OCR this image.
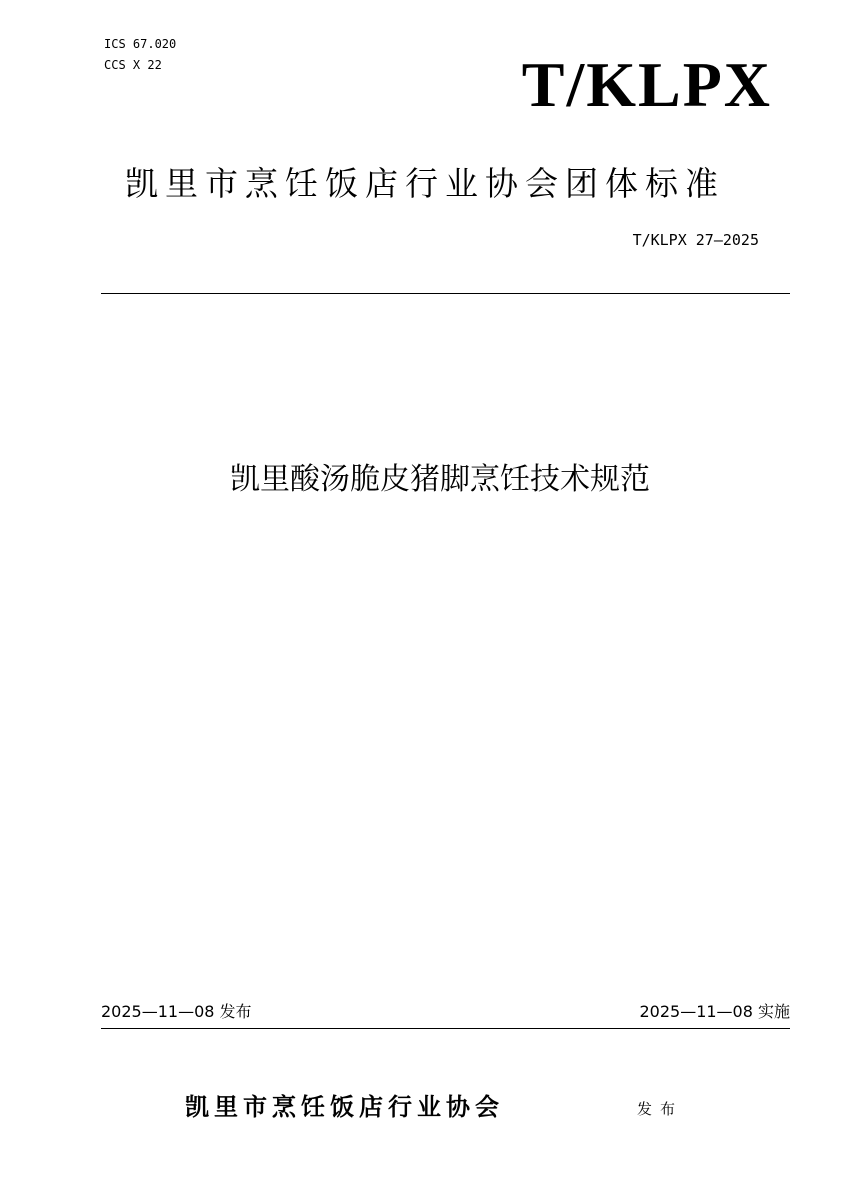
ICS 67.020
CCS X 22	T/KLPX
凯里市烹饪饭店行业协会团体标准
T/KLPX 27—2025
凯里酸汤脆皮猪脚烹饪技术规范
2025—11—08 发布	2025—11—08 实施
凯里市烹饪饭店行业协会	发布
